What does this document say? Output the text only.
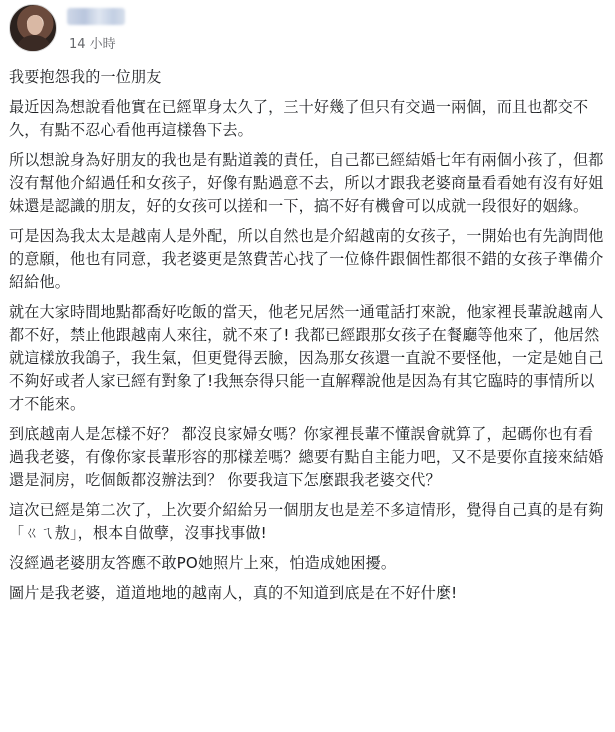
14 小時

我要抱怨我的一位朋友

最近因為想說看他實在已經單身太久了，三十好幾了但只有交過一兩個，而且也都交不久，有點不忍心看他再這樣魯下去。

所以想說身為好朋友的我也是有點道義的責任，自己都已經結婚七年有兩個小孩了，但都沒有幫他介紹過任和女孩子，好像有點過意不去，所以才跟我老婆商量看看她有沒有好姐妹還是認識的朋友，好的女孩可以搓和一下，搞不好有機會可以成就一段很好的姻緣。

可是因為我太太是越南人是外配，所以自然也是介紹越南的女孩子，一開始也有先詢問他的意願，他也有同意，我老婆更是煞費苦心找了一位條件跟個性都很不錯的女孩子準備介紹給他。

就在大家時間地點都喬好吃飯的當天，他老兄居然一通電話打來說，他家裡長輩說越南人都不好，禁止他跟越南人來往，就不來了! 我都已經跟那女孩子在餐廳等他來了，他居然就這樣放我鴿子，我生氣，但更覺得丟臉，因為那女孩還一直說不要怪他，一定是她自己不夠好或者人家已經有對象了!我無奈得只能一直解釋說他是因為有其它臨時的事情所以才不能來。

到底越南人是怎樣不好？ 都沒良家婦女嗎？你家裡長輩不懂誤會就算了，起碼你也有看過我老婆，有像你家長輩形容的那樣差嗎？總要有點自主能力吧，又不是要你直接來結婚還是洞房，吃個飯都沒辦法到？ 你要我這下怎麼跟我老婆交代？

這次已經是第二次了，上次要介紹給另一個朋友也是差不多這情形，覺得自己真的是有夠「ㄍㄟ敖」，根本自做孽，沒事找事做!

沒經過老婆朋友答應不敢PO她照片上來，怕造成她困擾。

圖片是我老婆，道道地地的越南人，真的不知道到底是在不好什麼!
